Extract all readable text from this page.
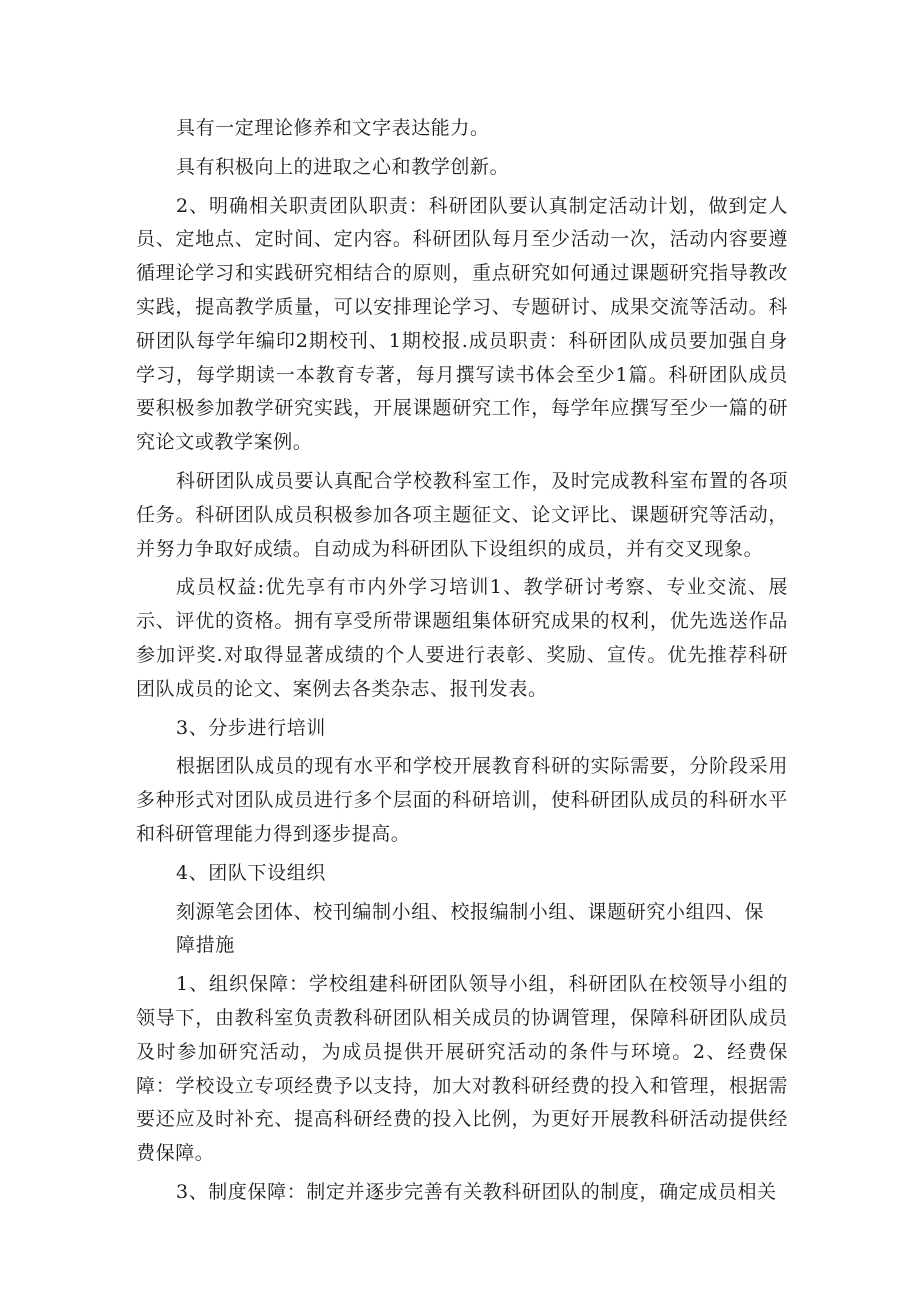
具有一定理论修养和文字表达能力。

具有积极向上的进取之心和教学创新。

2、明确相关职责团队职责：科研团队要认真制定活动计划，做到定人员、定地点、定时间、定内容。科研团队每月至少活动一次，活动内容要遵循理论学习和实践研究相结合的原则，重点研究如何通过课题研究指导教改实践，提高教学质量，可以安排理论学习、专题研讨、成果交流等活动。科研团队每学年编印2期校刊、1期校报.成员职责：科研团队成员要加强自身学习，每学期读一本教育专著，每月撰写读书体会至少1篇。科研团队成员要积极参加教学研究实践，开展课题研究工作，每学年应撰写至少一篇的研究论文或教学案例。

科研团队成员要认真配合学校教科室工作，及时完成教科室布置的各项任务。科研团队成员积极参加各项主题征文、论文评比、课题研究等活动，并努力争取好成绩。自动成为科研团队下设组织的成员，并有交叉现象。

成员权益:优先享有市内外学习培训1、教学研讨考察、专业交流、展示、评优的资格。拥有享受所带课题组集体研究成果的权利，优先选送作品参加评奖.对取得显著成绩的个人要进行表彰、奖励、宣传。优先推荐科研团队成员的论文、案例去各类杂志、报刊发表。

3、分步进行培训

根据团队成员的现有水平和学校开展教育科研的实际需要，分阶段采用多种形式对团队成员进行多个层面的科研培训，使科研团队成员的科研水平和科研管理能力得到逐步提高。

4、团队下设组织

刻源笔会团体、校刊编制小组、校报编制小组、课题研究小组四、保

障措施

1、组织保障：学校组建科研团队领导小组，科研团队在校领导小组的领导下，由教科室负责教科研团队相关成员的协调管理，保障科研团队成员及时参加研究活动，为成员提供开展研究活动的条件与环境。2、经费保障：学校设立专项经费予以支持，加大对教科研经费的投入和管理，根据需要还应及时补充、提高科研经费的投入比例，为更好开展教科研活动提供经费保障。

3、制度保障：制定并逐步完善有关教科研团队的制度，确定成员相关
